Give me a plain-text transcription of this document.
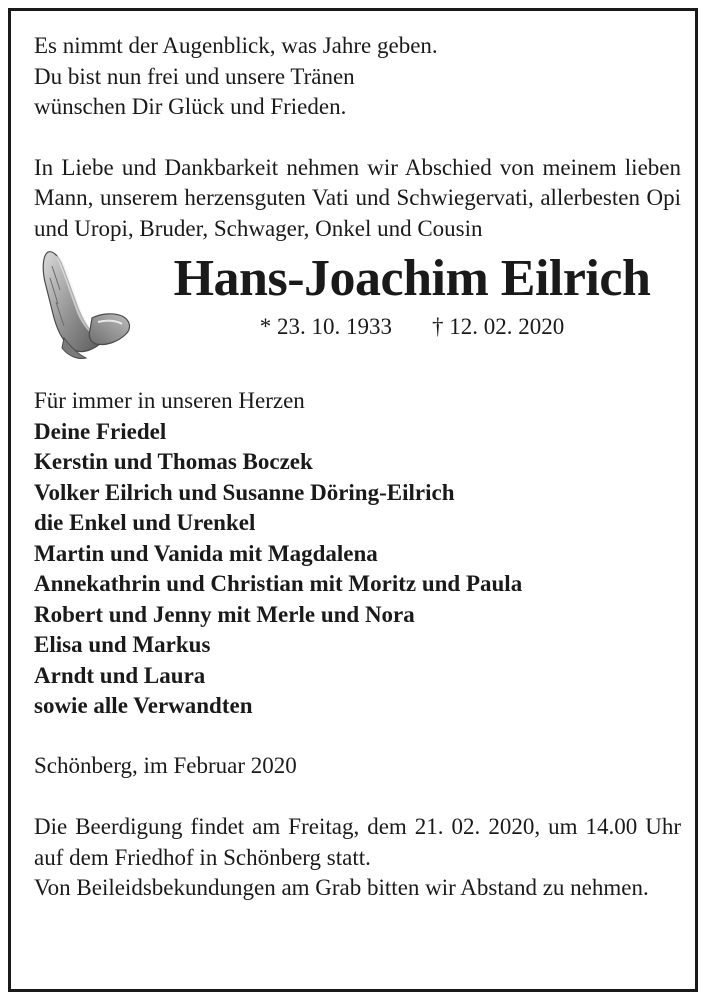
Es nimmt der Augenblick, was Jahre geben.
Du bist nun frei und unsere Tränen
wünschen Dir Glück und Frieden.

In Liebe und Dankbarkeit nehmen wir Abschied von meinem lieben Mann, unserem herzensguten Vati und Schwiegervati, allerbesten Opi und Uropi, Bruder, Schwager, Onkel und Cousin

Hans-Joachim Eilrich
* 23. 10. 1933 † 12. 02. 2020

Für immer in unseren Herzen
Deine Friedel
Kerstin und Thomas Boczek
Volker Eilrich und Susanne Döring-Eilrich
die Enkel und Urenkel
Martin und Vanida mit Magdalena
Annekathrin und Christian mit Moritz und Paula
Robert und Jenny mit Merle und Nora
Elisa und Markus
Arndt und Laura
sowie alle Verwandten

Schönberg, im Februar 2020

Die Beerdigung findet am Freitag, dem 21. 02. 2020, um 14.00 Uhr auf dem Friedhof in Schönberg statt.

Von Beileidsbekundungen am Grab bitten wir Abstand zu nehmen.
